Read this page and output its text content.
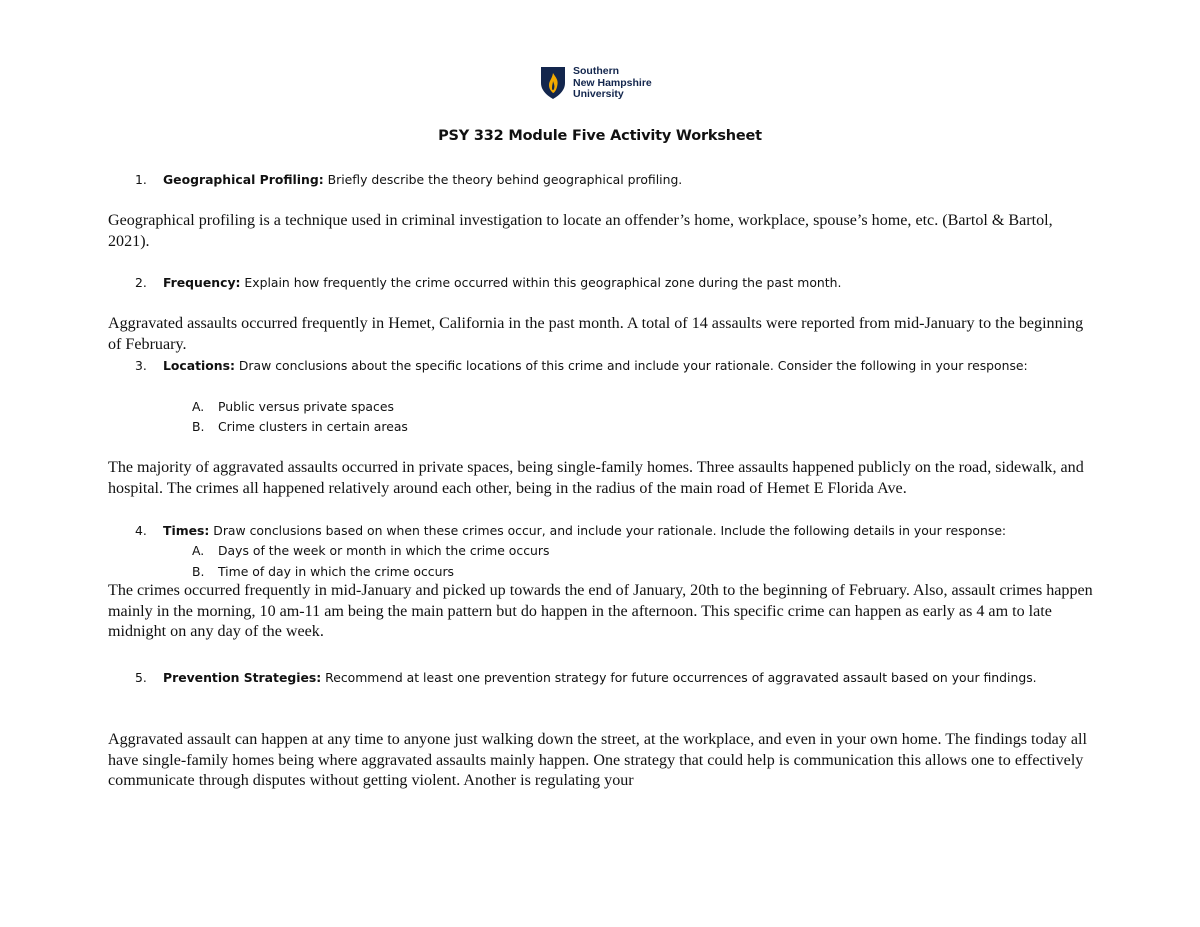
Southern
New Hampshire
University
PSY 332 Module Five Activity Worksheet
1. Geographical Profiling: Briefly describe the theory behind geographical profiling.
Geographical profiling is a technique used in criminal investigation to locate an offender’s home, workplace, spouse’s home, etc. (Bartol & Bartol, 2021).
2. Frequency: Explain how frequently the crime occurred within this geographical zone during the past month.
Aggravated assaults occurred frequently in Hemet, California in the past month. A total of 14 assaults were reported from mid-January to the beginning of February.
3. Locations: Draw conclusions about the specific locations of this crime and include your rationale. Consider the following in your response:
A. Public versus private spaces
B. Crime clusters in certain areas
The majority of aggravated assaults occurred in private spaces, being single-family homes. Three assaults happened publicly on the road, sidewalk, and hospital. The crimes all happened relatively around each other, being in the radius of the main road of Hemet E Florida Ave.
4. Times: Draw conclusions based on when these crimes occur, and include your rationale. Include the following details in your response:
A. Days of the week or month in which the crime occurs
B. Time of day in which the crime occurs
The crimes occurred frequently in mid-January and picked up towards the end of January, 20th to the beginning of February. Also, assault crimes happen mainly in the morning, 10 am-11 am being the main pattern but do happen in the afternoon. This specific crime can happen as early as 4 am to late midnight on any day of the week.
5. Prevention Strategies: Recommend at least one prevention strategy for future occurrences of aggravated assault based on your findings.
Aggravated assault can happen at any time to anyone just walking down the street, at the workplace, and even in your own home. The findings today all have single-family homes being where aggravated assaults mainly happen. One strategy that could help is communication this allows one to effectively communicate through disputes without getting violent. Another is regulating your
